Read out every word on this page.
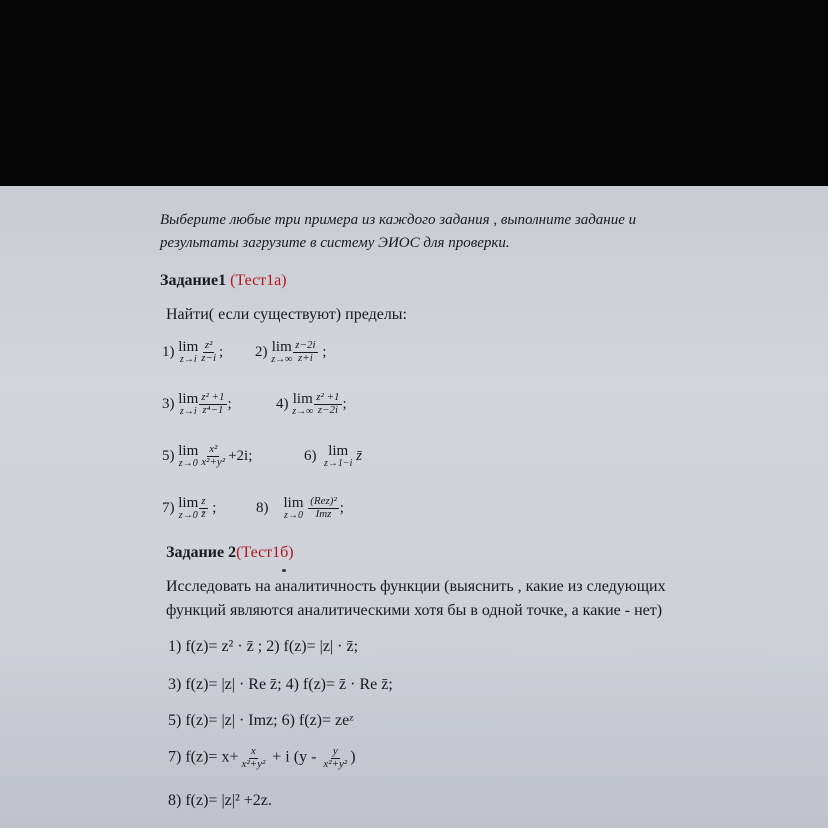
Выберите любые три примера из каждого задания , выполните задание и
результаты загрузите в систему ЭИОС для проверки.
Задание1 (Тест1а)
Найти( если существуют) пределы:
1) lim
$z\to i \frac{\text{z²}}{z-i}$ ; 2) lim
$z\to\infty \frac{z-2i}{z+i}$ ;
3) lim
$z\to i \frac{\text{z² +1}}{\text{z⁴−1}}$ ;	4) lim
$z\to\infty \frac{\text{z² +1}}{z-2i}$ ;
5) lim
$z\to 0 \frac{\text{x²}}{\text{x²+y²}} +2i$;	6) lim
z→1−i z̄
7) lim
$z\to 0 \frac{z}{z̄}$ ;	8) lim
z→0
$\frac{\text{(Rez)²}}{\text{Imz}}$ ;
Задание 2(Тест1б)
Исследовать на аналитичность функции (выяснить , какие из следующих
функций являются аналитическими хотя бы в одной точке, а какие - нет)
1) f(z)= z² · z̄ ; 2) f(z)= |z| · z̄;
3) f(z)= |z| · Re z̄; 4) f(z)= z̄ · Re z̄;
5) f(z)= |z| · Imz; 6) f(z)= zeᶻ
7) $f(z)= x+ \frac{x}{\text{x²+y²}} + i$ ($y - \frac{y}{\text{x²+y²}}$ )
8) f(z)= |z|² +2z.
